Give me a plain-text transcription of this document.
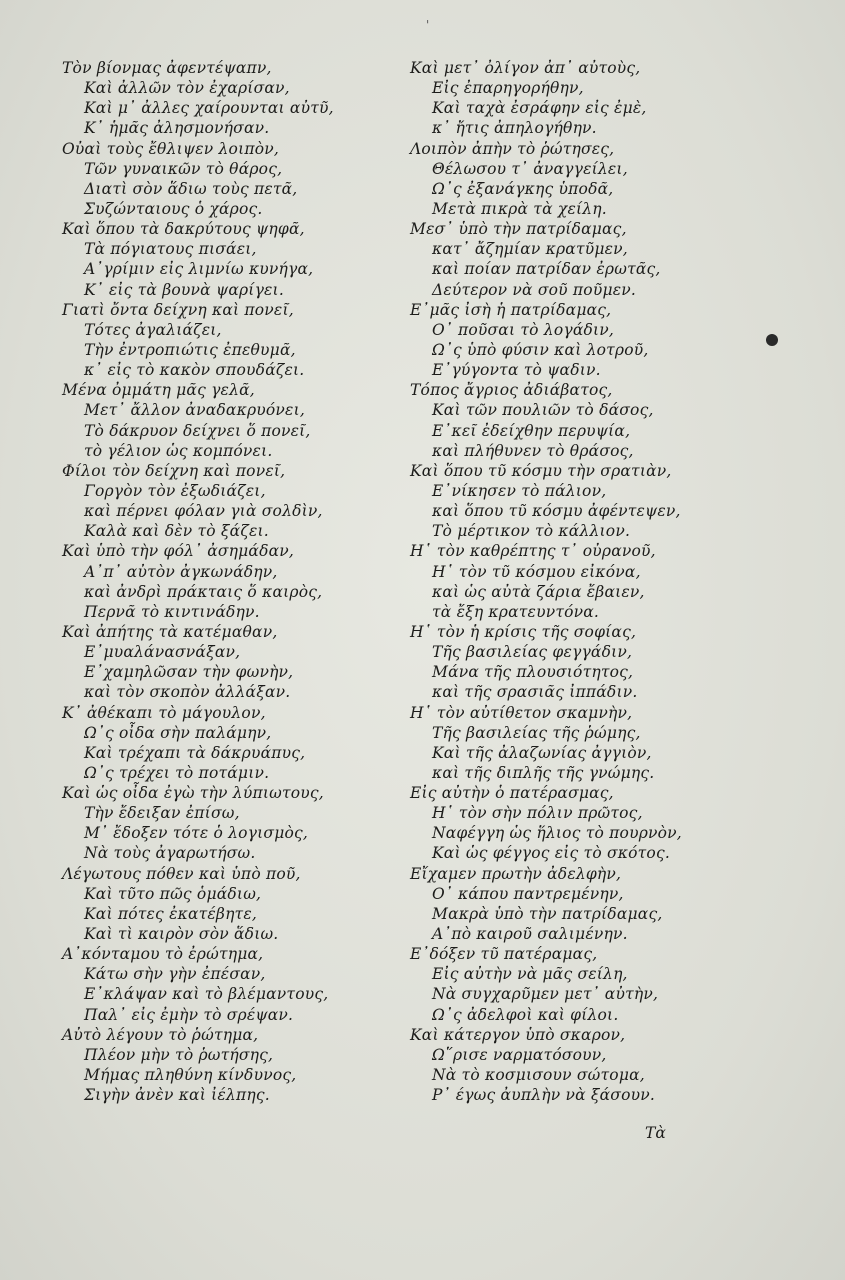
ꞌ
Τὸν βίονμας ἀφεντέψαπν,
Καὶ ἀλλῶν τὸν ἐχαρίσαν,
Καὶ μ᾽ ἀλλες χαίρουνται αὐτῦ,
Κ᾽ ἡμᾶς ἀλησμονήσαν.
Οὐαὶ τοὺς ἔθλιψεν λοιπὸν,
Τῶν γυναικῶν τὸ θάρος,
Διατὶ σὸν ἅδιω τοὺς πετᾶ,
Συζώνταιους ὁ χάρος.
Καὶ ὅπου τὰ δακρύτους ψηφᾶ,
Τὰ πόγιατους πισάει,
Α᾽γρίμιν εἰς λιμνίω κυνήγα,
Κ᾽ εἰς τὰ βουνὰ ψαρίγει.
Γιατὶ ὄντα δείχνη καὶ πονεῖ,
Τότες ἀγαλιάζει,
Τὴν ἐντροπιώτις ἐπεθυμᾶ,
κ᾽ εἰς τὸ κακὸν σπουδάζει.
Μένα ὀμμάτη μᾶς γελᾶ,
Μετ᾽ ἄλλον ἀναδακρυόνει,
Τὸ δάκρυον δείχνει ὅ πονεῖ,
τὸ γέλιον ὡς κομπόνει.
Φίλοι τὸν δείχνη καὶ πονεῖ,
Γοργὸν τὸν ἐξωδιάζει,
καὶ πέρνει φόλαν γιὰ σολδὶν,
Καλὰ καὶ δὲν τὸ ξάζει.
Καὶ ὑπὸ τὴν φόλ᾽ ἀσημάδαν,
Α᾽π᾽ αὐτὸν ἀγκωνάδην,
καὶ ἀνδρὶ πράκταις ὅ καιρὸς,
Περνᾶ τὸ κιντινάδην.
Καὶ ἀπήτης τὰ κατέμαθαν,
Ε᾽μυαλάνασνάξαν,
Ε᾽χαμηλῶσαν τὴν φωνὴν,
καὶ τὸν σκοπὸν ἀλλάξαν.
Κ᾽ ἀθέκαπι τὸ μάγουλον,
Ω᾽ς οἶδα σὴν παλάμην,
Καὶ τρέχαπι τὰ δάκρυάπυς,
Ω᾽ς τρέχει τὸ ποτάμιν.
Καὶ ὡς οἶδα ἐγὼ τὴν λύπιωτους,
Τὴν ἔδειξαν ἐπίσω,
Μ᾽ ἔδοξεν τότε ὁ λογισμὸς,
Νὰ τοὺς ἀγαρωτήσω.
Λέγωτους πόθεν καὶ ὑπὸ ποῦ,
Καὶ τῦτο πῶς ὁμάδιω,
Καὶ πότες ἐκατέβητε,
Καὶ τὶ καιρὸν σὸν ἅδιω.
Α᾽κόνταμου τὸ ἐρώτημα,
Κάτω σὴν γὴν ἐπέσαν,
Ε᾽κλάψαν καὶ τὸ βλέμαντους,
Παλ᾽ εἰς ἐμὴν τὸ σρέψαν.
Αὐτὸ λέγουν τὸ ῥώτημα,
Πλέον μὴν τὸ ῥωτήσης,
Μήμας πληθύνη κίνδυνος,
Σιγὴν ἀνὲν καὶ ἰέλπης.
Καὶ μετ᾽ ὀλίγον ἀπ᾽ αὐτοὺς,
Εἰς ἐπαρηγορήθην,
Καὶ ταχὰ ἐσράφην εἰς ἐμὲ,
κ᾽ ἤτις ἀπηλογήθην.
Λοιπὸν ἀπὴν τὸ ῥώτησες,
Θέλωσου τ᾽ ἀναγγείλει,
Ω᾽ς ἐξανάγκης ὑποδᾶ,
Μετὰ πικρὰ τὰ χείλη.
Μεσ᾽ ὑπὸ τὴν πατρίδαμας,
κατ᾽ ἄζημίαν κρατῦμεν,
καὶ ποίαν πατρίδαν ἐρωτᾶς,
Δεύτερον νὰ σοῦ ποῦμεν.
Ε᾽μᾶς ἰσὴ ἡ πατρίδαμας,
Ο᾽ ποῦσαι τὸ λογάδιν,
Ω᾽ς ὑπὸ φύσιν καὶ λοτροῦ,
Ε᾽γύγοντα τὸ ψαδιν.
Τόπος ἄγριος ἀδιάβατος,
Καὶ τῶν πουλιῶν τὸ δάσος,
Ε᾽κεῖ ἐδείχθην περυψία,
καὶ πλήθυνεν τὸ θράσος,
Καὶ ὅπου τῦ κόσμυ τὴν σρατιὰν,
Ε᾽νίκησεν τὸ πάλιον,
καὶ ὅπου τῦ κόσμυ ἀφέντεψεν,
Τὸ μέρτικον τὸ κάλλιον.
Η῾ τὸν καθρέπτης τ᾽ οὐρανοῦ,
Η῾ τὸν τῦ κόσμου εἰκόνα,
καὶ ὡς αὐτὰ ζάρια ἔβαιεν,
τὰ ἔξη κρατευντόνα.
Η῾ τὸν ἡ κρίσις τῆς σοφίας,
Τῆς βασιλείας φεγγάδιν,
Μάνα τῆς πλουσιότητος,
καὶ τῆς σρασιᾶς ἰππάδιν.
Η῾ τὸν αὐτίθετον σκαμνὴν,
Τῆς βασιλείας τῆς ῥώμης,
Καὶ τῆς ἀλαζωνίας ἀγγιὸν,
καὶ τῆς διπλῆς τῆς γνώμης.
Εἰς αὐτὴν ὁ πατέρασμας,
Η῾ τὸν σὴν πόλιν πρῶτος,
Ναφέγγη ὡς ἥλιος τὸ πουρνὸν,
Καὶ ὡς φέγγος εἰς τὸ σκότος.
Εἴχαμεν πρωτὴν ἀδελφὴν,
Ο᾽ κάπου παντρεμένην,
Μακρὰ ὑπὸ τὴν πατρίδαμας,
Α᾽πὸ καιροῦ σαλιμένην.
Ε᾽δόξεν τῦ πατέραμας,
Εἰς αὐτὴν νὰ μᾶς σείλη,
Νὰ συγχαρῦμεν μετ᾽ αὐτὴν,
Ω᾽ς ἀδελφοὶ καὶ φίλοι.
Καὶ κάτεργον ὑπὸ σκαρον,
Ω῞ρισε ναρματόσουν,
Νὰ τὸ κοσμισουν σώτομα,
Ρ᾽ έγως ἀυπλὴν νὰ ξάσουν.
Τὰ
